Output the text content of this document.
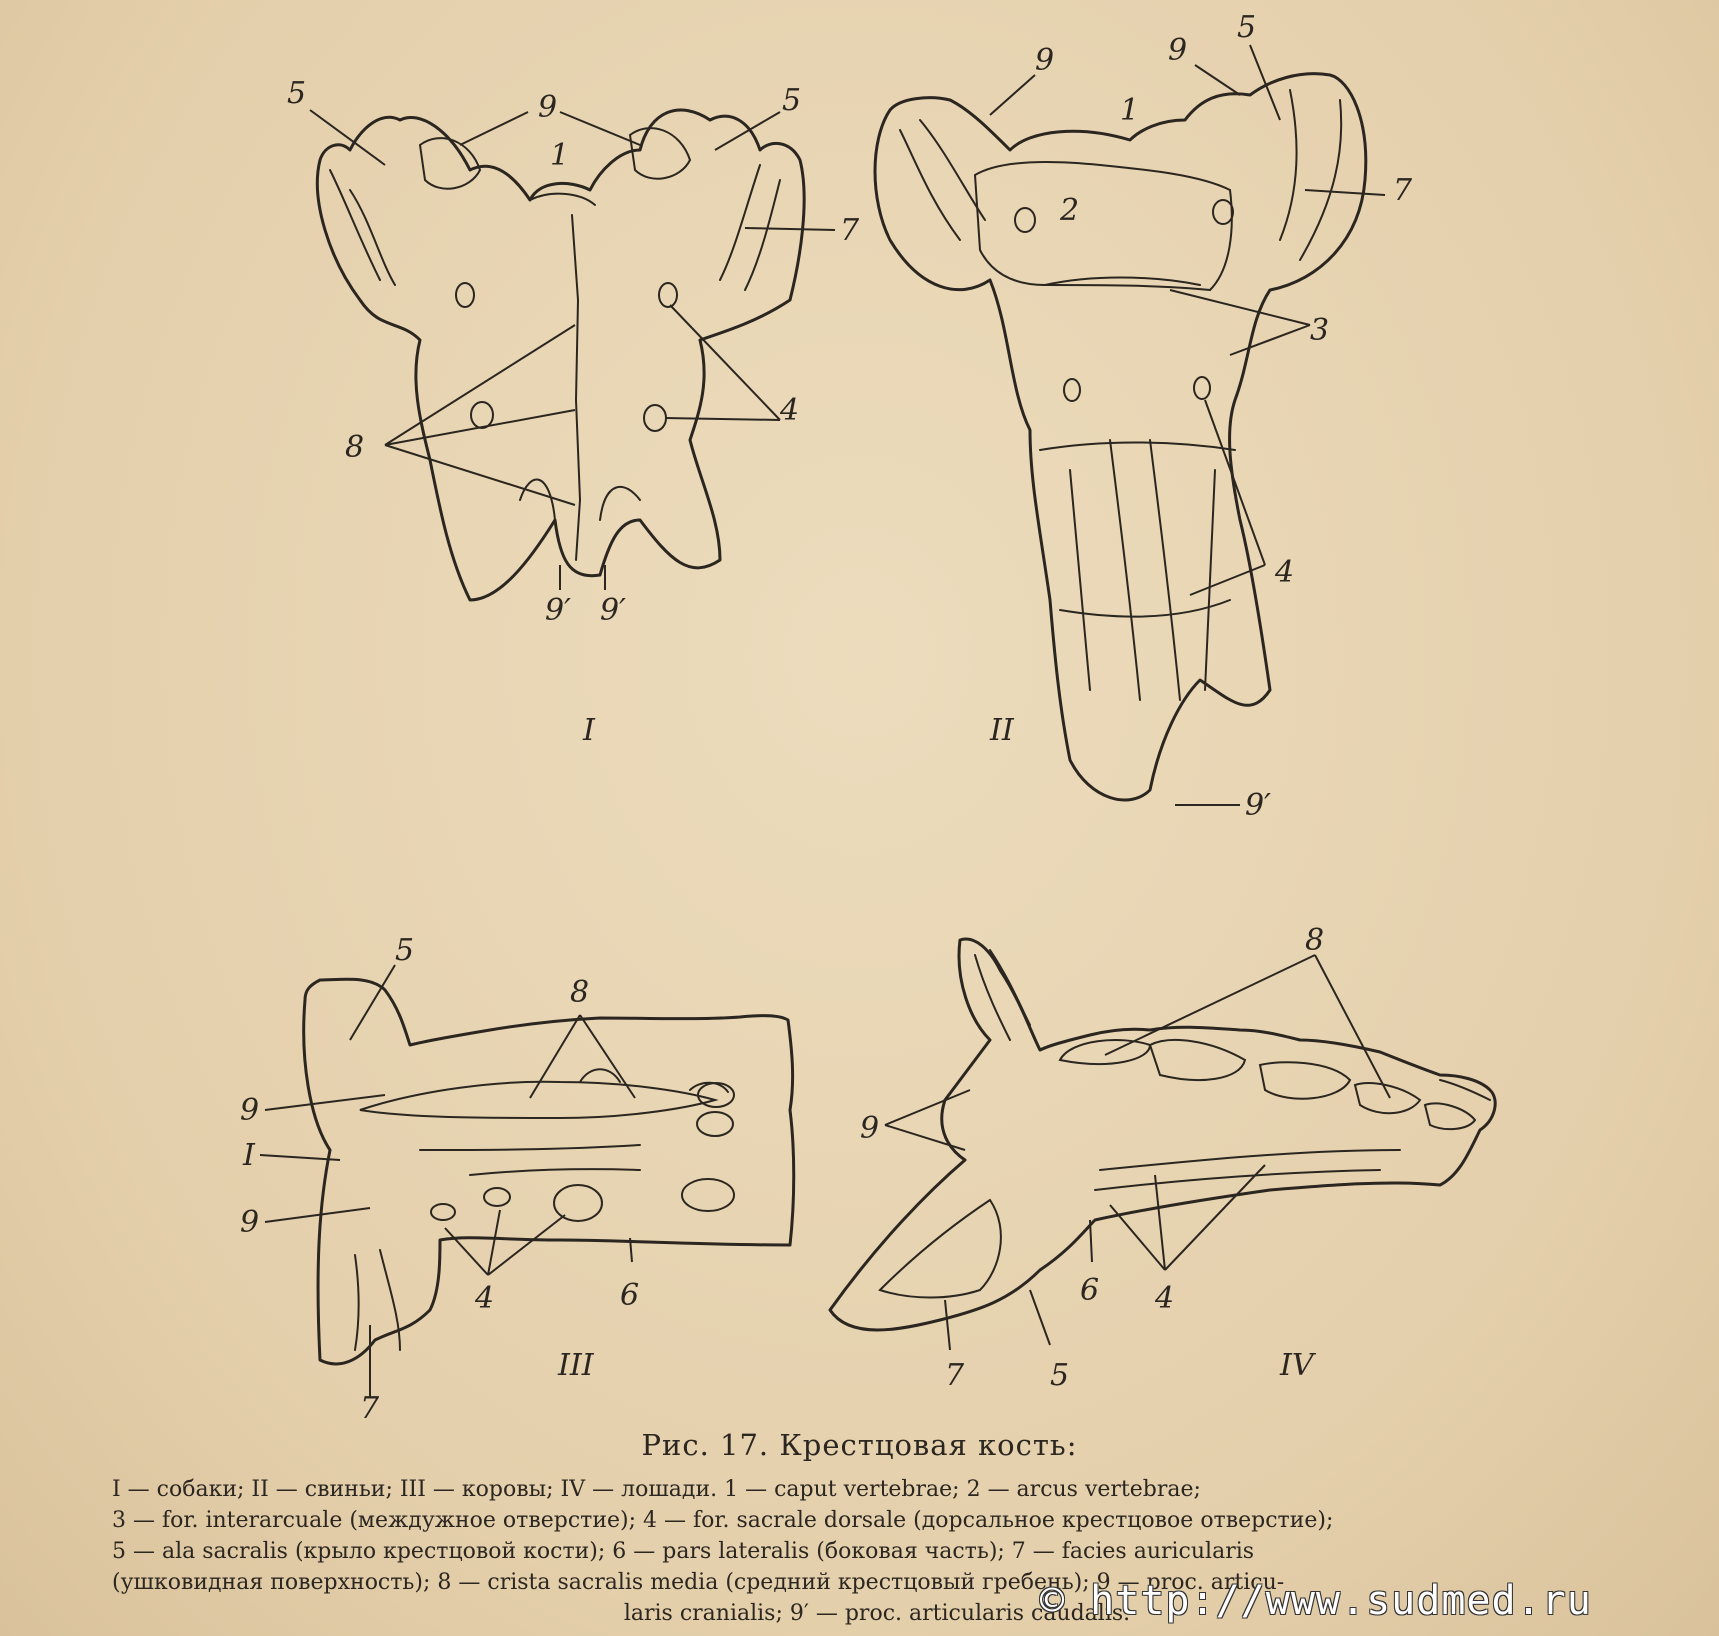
5	9
1
5
7
8
4
9′ 9′
I
9
1
9
5
2
7
3
4
9′
II
5
8
9
I
9
4	6
7
III
8
9
6 4
7	5	IV
Рис. 17. Крестцовая кость:
I — собаки; II — свиньи; III — коровы; IV — лошади. 1 — caput vertebrae; 2 — arcus vertebrae;
3 — for. interarcuale (междужное отверстие); 4 — for. sacrale dorsale (дорсальное крестцовое отверстие);
5 — ala sacralis (крыло крестцовой кости); 6 — pars lateralis (боковая часть); 7 — facies auricularis
(ушковидная поверхность); 8 — crista sacralis media (средний крестцовый гребень); 9 — proc. articu-
laris cranialis; 9′ — proc. articularis caudalis.
© http://www.sudmed.ru
